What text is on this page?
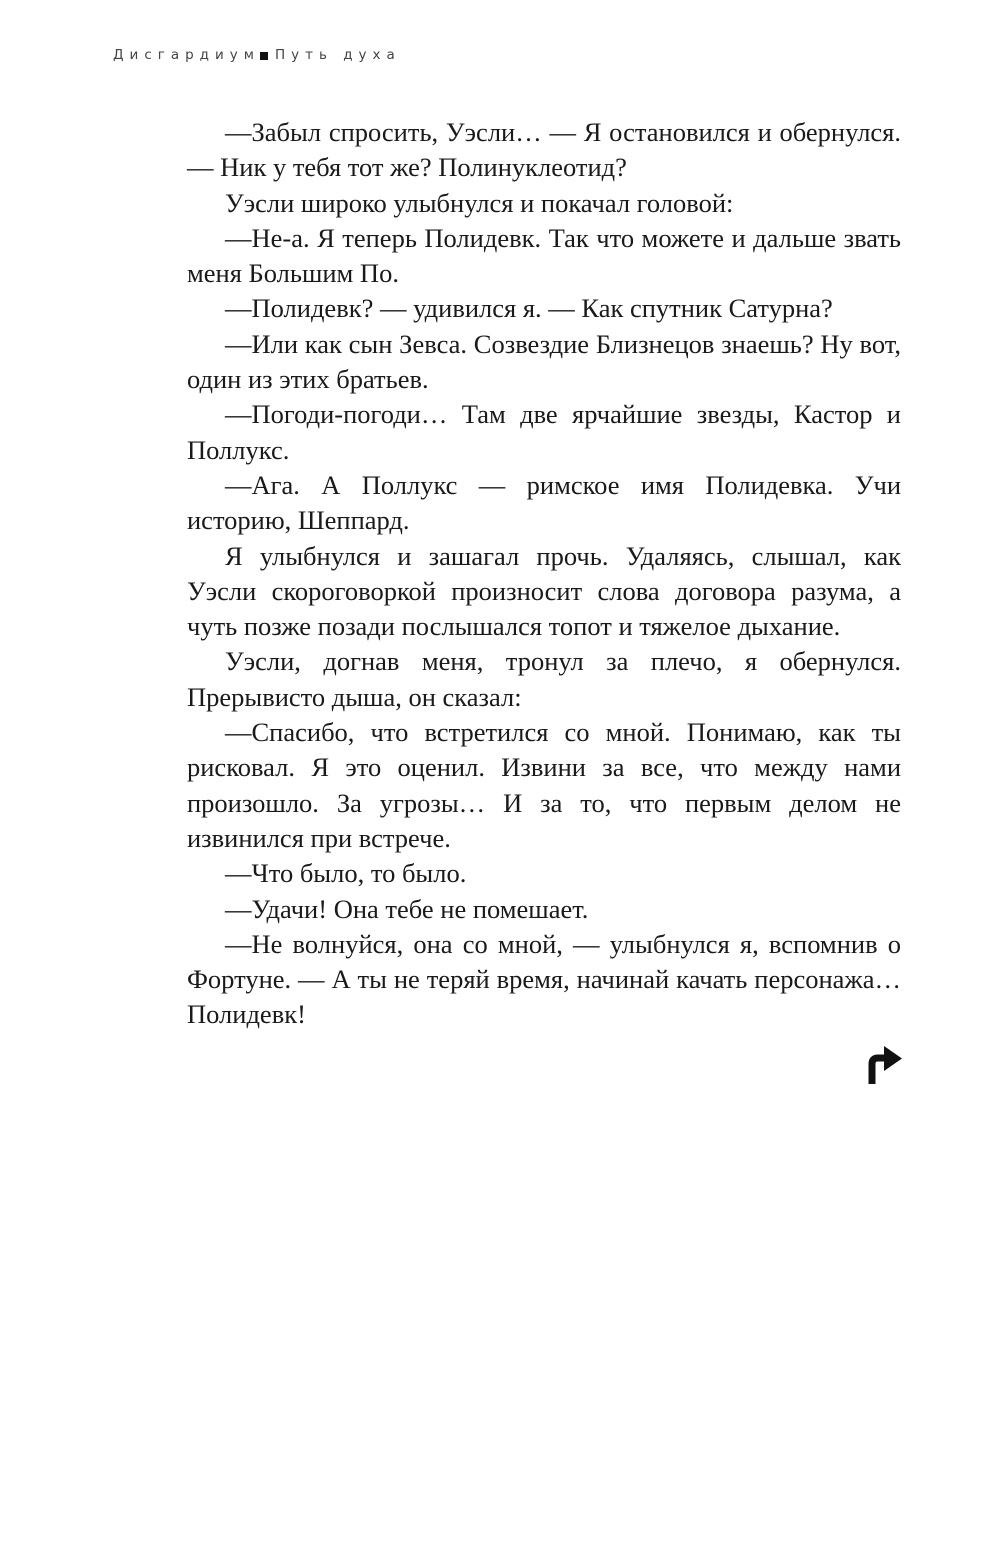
Дисгардиум Путь духа

—Забыл спросить, Уэсли… — Я остановился и обернулся. — Ник у тебя тот же? Полинуклеотид?

Уэсли широко улыбнулся и покачал головой:

—Не-а. Я теперь Полидевк. Так что можете и дальше звать меня Большим По.

—Полидевк? — удивился я. — Как спутник Сатурна?

—Или как сын Зевса. Созвездие Близнецов знаешь? Ну вот, один из этих братьев.

—Погоди-погоди… Там две ярчайшие звезды, Кастор и Поллукс.

—Ага. А Поллукс — римское имя Полидевка. Учи историю, Шеппард.

Я улыбнулся и зашагал прочь. Удаляясь, слышал, как Уэсли скороговоркой произносит слова договора разума, а чуть позже позади послышался топот и тяжелое дыхание.

Уэсли, догнав меня, тронул за плечо, я обернулся. Прерывисто дыша, он сказал:

—Спасибо, что встретился со мной. Понимаю, как ты рисковал. Я это оценил. Извини за все, что между нами произошло. За угрозы… И за то, что первым делом не извинился при встрече.

—Что было, то было.

—Удачи! Она тебе не помешает.

—Не волнуйся, она со мной, — улыбнулся я, вспомнив о Фортуне. — А ты не теряй время, начинай качать персонажа… Полидевк!
